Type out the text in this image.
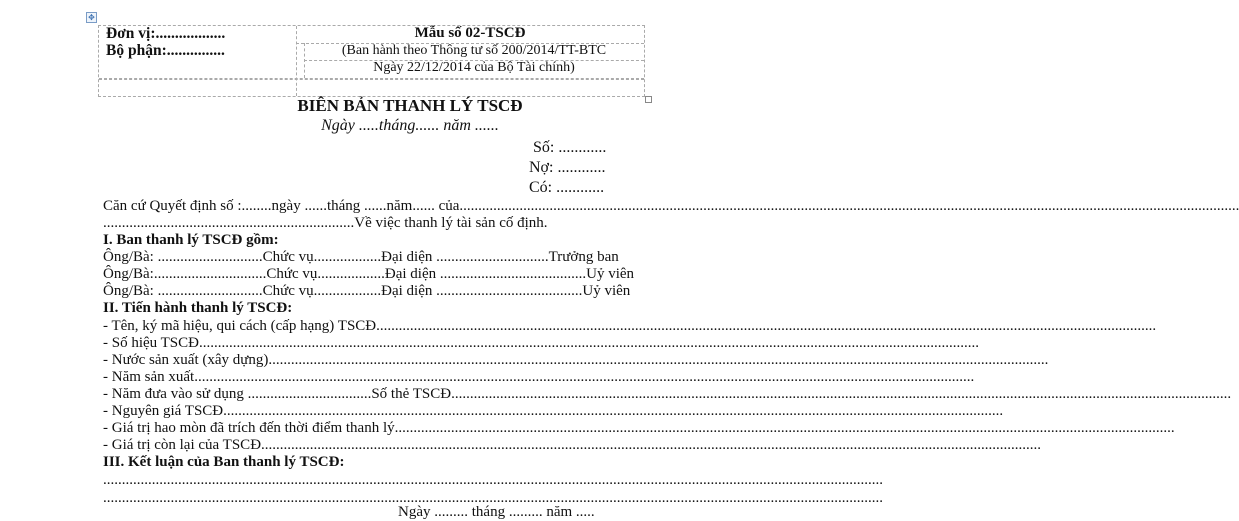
✥
Đơn vị:..................
Bộ phận:...............
Mẫu số 02-TSCĐ
(Ban hành theo Thông tư số 200/2014/TT-BTC
Ngày 22/12/2014 của Bộ Tài chính)
BIÊN BẢN THANH LÝ TSCĐ
Ngày .....tháng...... năm ......
Số: ............
Nợ: ............
Có: ............
Căn cứ Quyết định số :........ngày ......tháng ......năm...... của
.....
...................................................................Về việc thanh lý tài sản cố định.
I. Ban thanh lý TSCĐ gồm:
Ông/Bà: ............................ Chức vụ.................. Đại diện .............................. Trưởng ban
Ông/Bà:.............................. Chức vụ.................. Đại diện ....................................... Uỷ viên
Ông/Bà: ............................ Chức vụ.................. Đại diện ....................................... Uỷ viên
II. Tiến hành thanh lý TSCĐ:
- Tên, ký mã hiệu, qui cách (cấp hạng) TSCĐ
.....
- Số hiệu TSCĐ
.....
- Nước sản xuất (xây dựng)
.....
- Năm sản xuất
.....
- Năm đưa vào sử dụng .................................Số thẻ TSCĐ
.....
- Nguyên giá TSCĐ
.....
- Giá trị hao mòn đã trích đến thời điểm thanh lý
.....
- Giá trị còn lại của TSCĐ
.....
III. Kết luận của Ban thanh lý TSCĐ:
.....
.....
Ngày ......... tháng ......... năm .....
